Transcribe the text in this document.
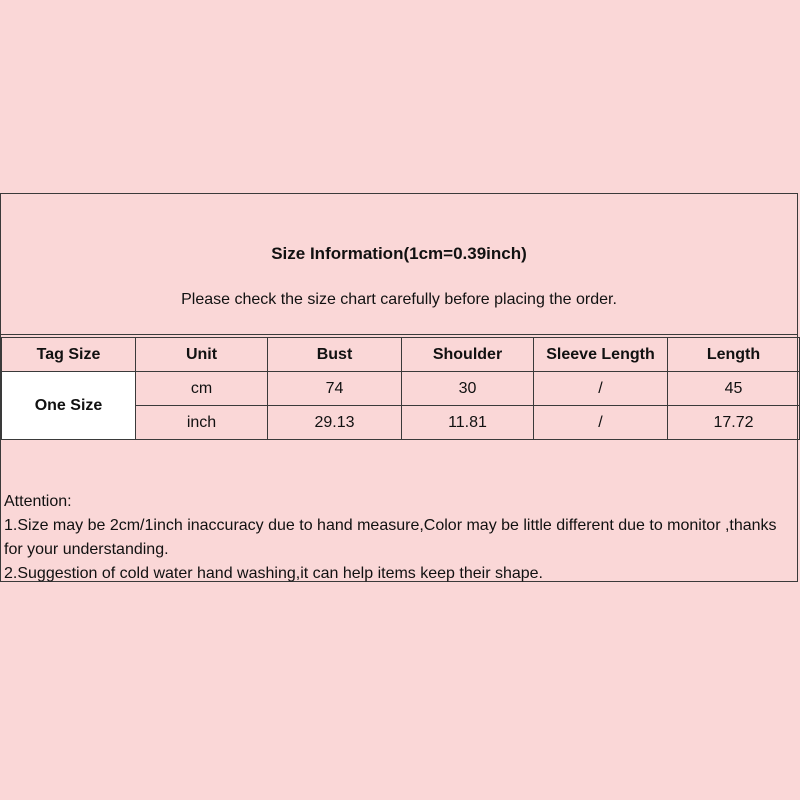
Size Information(1cm=0.39inch)
Please check the size chart carefully before placing the order.
Tag Size	Unit	Bust	Shoulder	Sleeve Length	Length
One Size	cm	74	30	/	45
	inch	29.13	11.81	/	17.72
Attention:
1.Size may be 2cm/1inch inaccuracy due to hand measure,Color may be little different due to monitor ,thanks for your understanding.
2.Suggestion of cold water hand washing,it can help items keep their shape.
